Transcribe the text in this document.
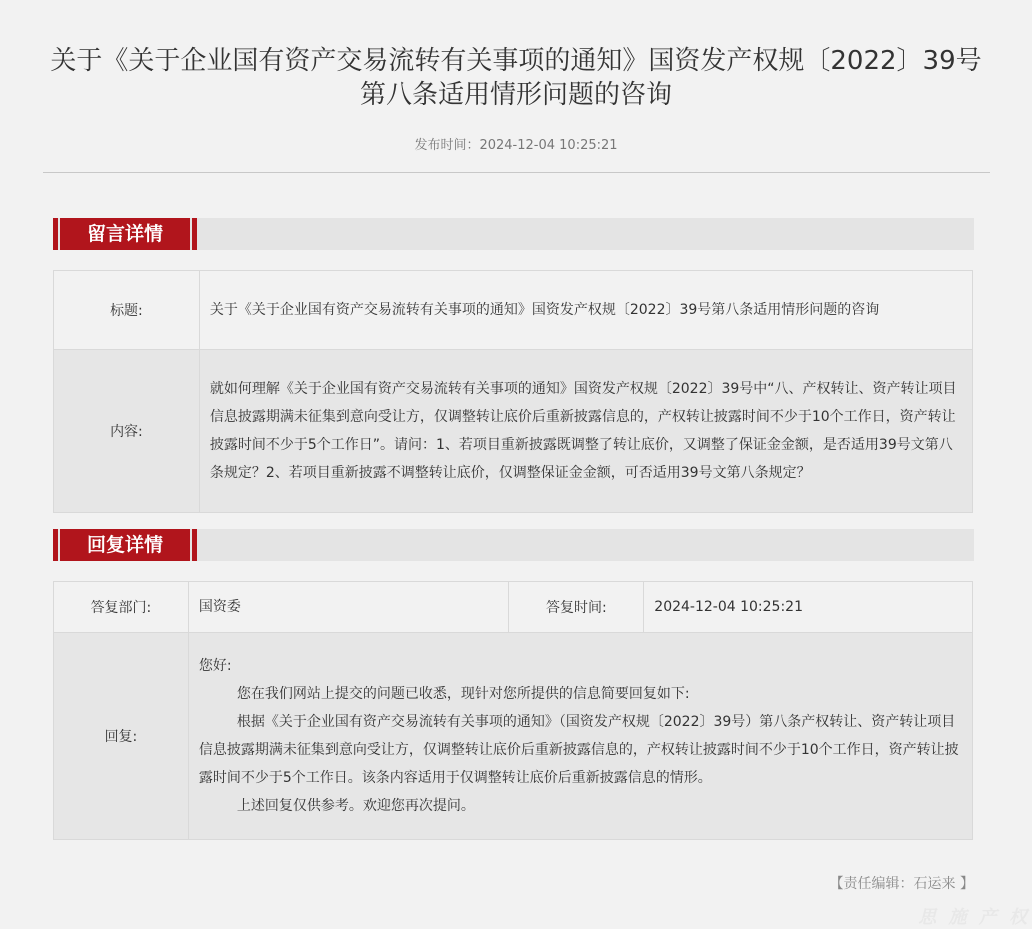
关于《关于企业国有资产交易流转有关事项的通知》国资发产权规〔2022〕39号
第八条适用情形问题的咨询
发布时间：2024-12-04 10:25:21
留言详情
标题:	关于《关于企业国有资产交易流转有关事项的通知》国资发产权规〔2022〕39号第八条适用情形问题的咨询
内容:	就如何理解《关于企业国有资产交易流转有关事项的通知》国资发产权规〔2022〕39号中“八、产权转让、资产转让项目信息披露期满未征集到意向受让方，仅调整转让底价后重新披露信息的，产权转让披露时间不少于10个工作日，资产转让披露时间不少于5个工作日”。请问：1、若项目重新披露既调整了转让底价，又调整了保证金金额，是否适用39号文第八条规定？2、若项目重新披露不调整转让底价，仅调整保证金金额，可否适用39号文第八条规定？
回复详情
答复部门:	国资委	答复时间:	2024-12-04 10:25:21
回复:	您好:

您在我们网站上提交的问题已收悉，现针对您所提供的信息简要回复如下:

根据《关于企业国有资产交易流转有关事项的通知》（国资发产权规〔2022〕39号）第八条产权转让、资产转让项目信息披露期满未征集到意向受让方，仅调整转让底价后重新披露信息的，产权转让披露时间不少于10个工作日，资产转让披露时间不少于5个工作日。该条内容适用于仅调整转让底价后重新披露信息的情形。

上述回复仅供参考。欢迎您再次提问。		

【责任编辑：石运来 】
思 施 产 权
